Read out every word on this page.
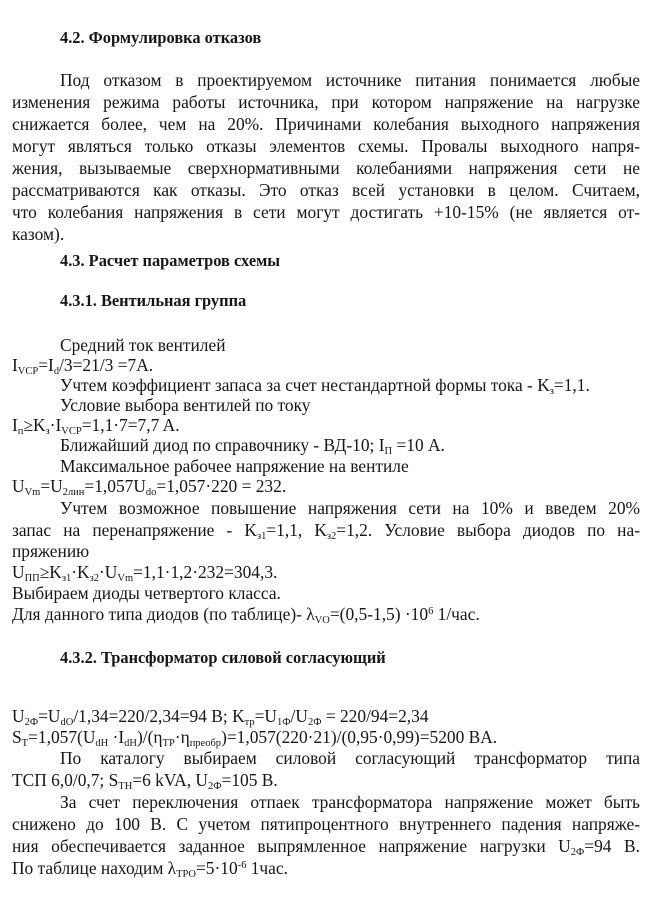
4.2. Формулировка отказов
Под отказом в проектируемом источнике питания понимается любые
изменения режима работы источника, при котором напряжение на нагрузке
снижается более, чем на 20%. Причинами колебания выходного напряжения
могут являться только отказы элементов схемы. Провалы выходного напря-
жения, вызываемые сверхнормативными колебаниями напряжения сети не
рассматриваются как отказы. Это отказ всей установки в целом. Считаем,
что колебания напряжения в сети могут достигать +10-15% (не является от-
казом).
4.3. Расчет параметров схемы
4.3.1. Вентильная группа
Средний ток вентилей
$I_{VCP}=I_d/3=21/3 =7A$.
Учтем коэффициент запаса за счет нестандартной формы тока - $K_з=1,1$.
Условие выбора вентилей по току
$I_п\ge K_з\cdot I_{VCP}=1,1\cdot 7=7,7$ A.
Ближайший диод по справочнику - ВД-10; $I_П =10$ A.
Максимальное рабочее напряжение на вентиле
$U_{Vm}=U_{2лин}=1,057U_{do}=1,057\cdot 220 = 232$.
Учтем возможное повышение напряжения сети на 10% и введем 20%
запас на перенапряжение - $K_{з1}=1,1$, $K_{з2}=1,2$. Условие выбора диодов по на-
пряжению
$U_{ПП}\ge K_{з1}\cdot K_{з2}\cdot U_{Vm}=1,1\cdot 1,2\cdot 232=304,3$.
Выбираем диоды четвертого класса.
Для данного типа диодов (по таблице)- $\lambda_{VO}=(0,5-1,5) \cdot 10^6$ 1/час.
4.3.2. Трансформатор силовой согласующий
$U_{2Ф}=U_{dO}/1,34=220/2,34=94$ B; $K_{тр}=U_{1Ф}/U_{2Ф} = 220/94=2,34$
$S_T=1,057(U_{dH} \cdot I_{dH})/(\eta_{TP}\cdot\eta_{преобр})=1,057(220\cdot 21)/(0,95\cdot 0,99)=5200$ BA.
По каталогу выбираем силовой согласующий трансформатор типа
ТСП 6,0/0,7; $S_{TH}=6$ kVA, $U_{2Ф}=105$ B.
За счет переключения отпаек трансформатора напряжение может быть
снижено до 100 B. С учетом пятипроцентного внутреннего падения напряже-
ния обеспечивается заданное выпрямленное напряжение нагрузки $U_{2Ф}=94$ B.
По таблице находим $\lambda_{TPO}=5\cdot 10^{-6}$ 1час.
